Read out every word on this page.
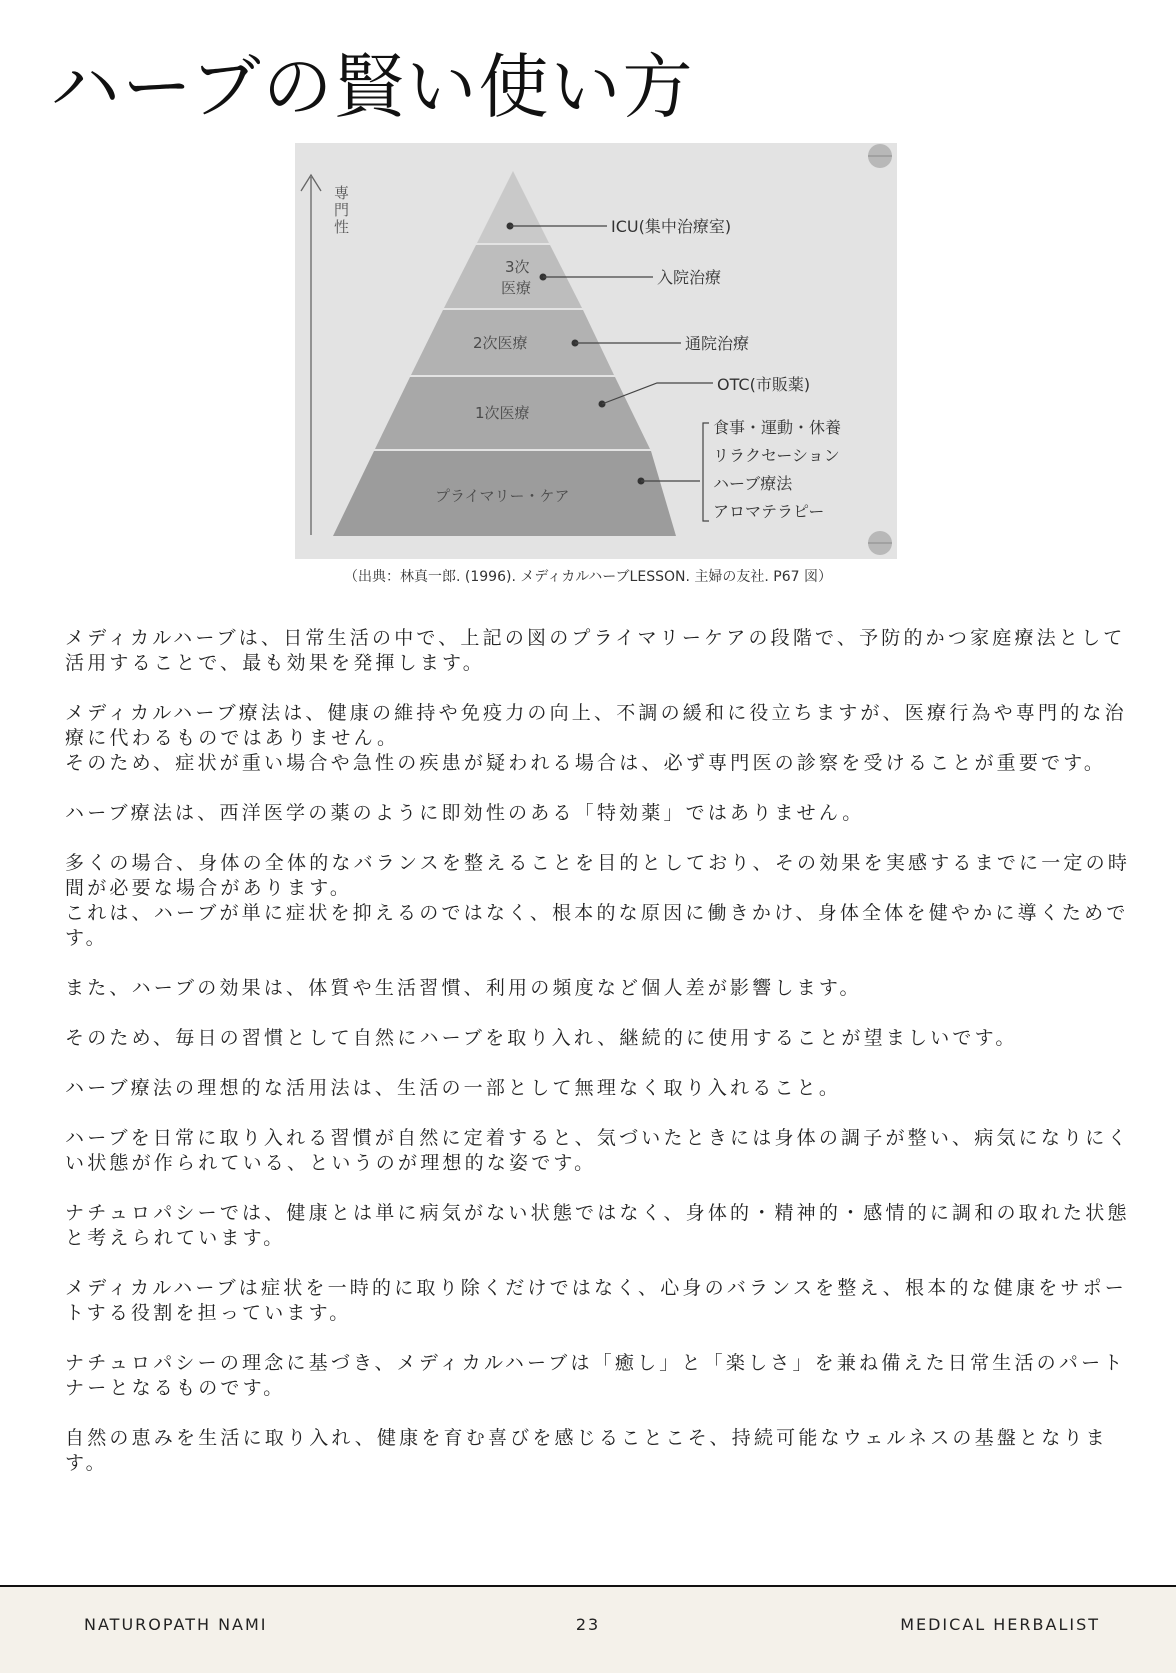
ハーブの賢い使い方
専門性
3次
医療
2次医療
1次医療
プライマリー・ケア
ICU(集中治療室)
入院治療
通院治療
OTC(市販薬)
食事・運動・休養
リラクセーション
ハーブ療法
アロマテラピー
（出典：林真一郎. (1996). メディカルハーブLESSON. 主婦の友社. P67 図）

メディカルハーブは、日常生活の中で、上記の図のプライマリーケアの段階で、予防的かつ家庭療法として活用することで、最も効果を発揮します。

メディカルハーブ療法は、健康の維持や免疫力の向上、不調の緩和に役立ちますが、医療行為や専門的な治療に代わるものではありません。
そのため、症状が重い場合や急性の疾患が疑われる場合は、必ず専門医の診察を受けることが重要です。

ハーブ療法は、西洋医学の薬のように即効性のある「特効薬」ではありません。

多くの場合、身体の全体的なバランスを整えることを目的としており、その効果を実感するまでに一定の時間が必要な場合があります。
これは、ハーブが単に症状を抑えるのではなく、根本的な原因に働きかけ、身体全体を健やかに導くためです。

また、ハーブの効果は、体質や生活習慣、利用の頻度など個人差が影響します。

そのため、毎日の習慣として自然にハーブを取り入れ、継続的に使用することが望ましいです。

ハーブ療法の理想的な活用法は、生活の一部として無理なく取り入れること。

ハーブを日常に取り入れる習慣が自然に定着すると、気づいたときには身体の調子が整い、病気になりにくい状態が作られている、というのが理想的な姿です。

ナチュロパシーでは、健康とは単に病気がない状態ではなく、身体的・精神的・感情的に調和の取れた状態と考えられています。

メディカルハーブは症状を一時的に取り除くだけではなく、心身のバランスを整え、根本的な健康をサポートする役割を担っています。

ナチュロパシーの理念に基づき、メディカルハーブは「癒し」と「楽しさ」を兼ね備えた日常生活のパートナーとなるものです。

自然の恵みを生活に取り入れ、健康を育む喜びを感じることこそ、持続可能なウェルネスの基盤となります。

NATUROPATH NAMI	23	MEDICAL HERBALIST
